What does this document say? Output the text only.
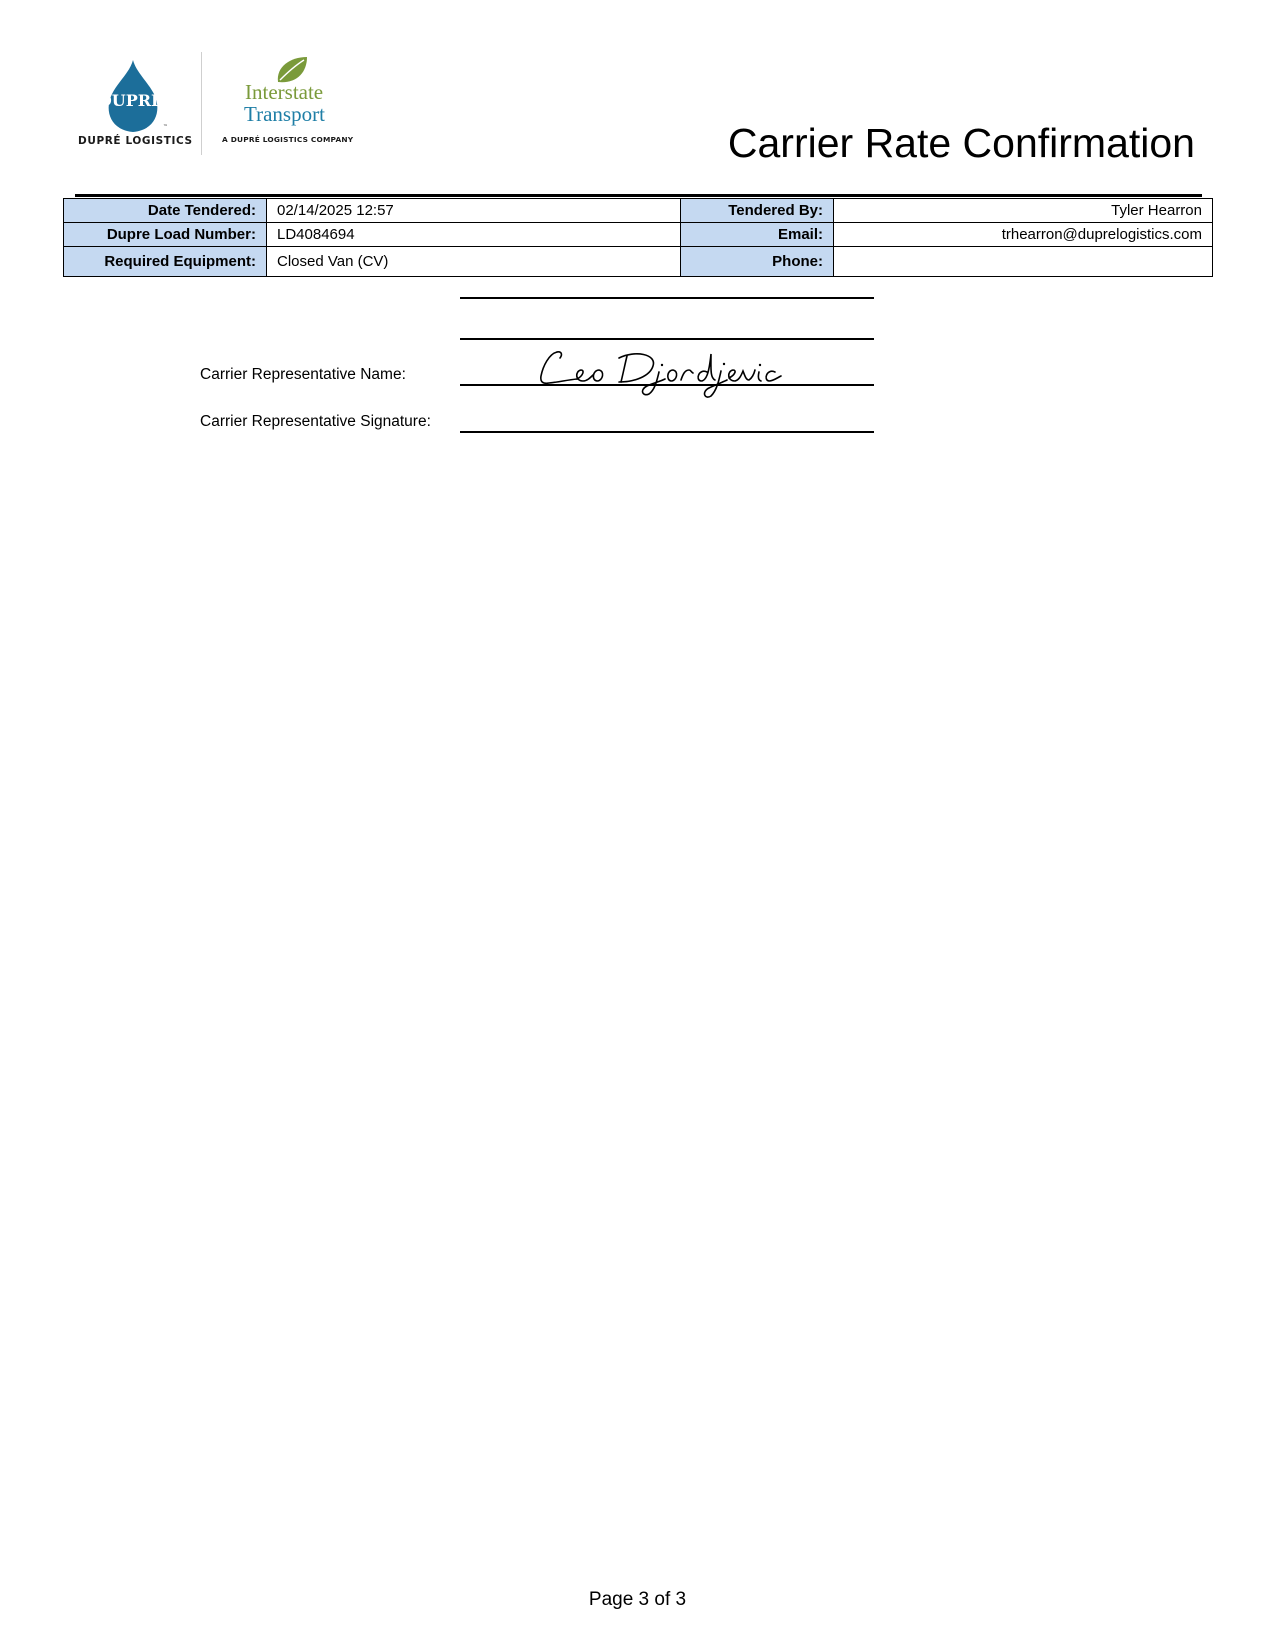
DUPRE'
™
DUPRÉ LOGISTICS
Interstate
Transport
A DUPRÉ LOGISTICS COMPANY	Carrier Rate Confirmation
Date Tendered:	02/14/2025 12:57	Tendered By:	Tyler Hearron
Dupre Load Number:	LD4084694	Email:	trhearron@duprelogistics.com
Required Equipment:	Closed Van (CV)	Phone:	
Carrier Representative Name:
Carrier Representative Signature:
Page 3 of 3
